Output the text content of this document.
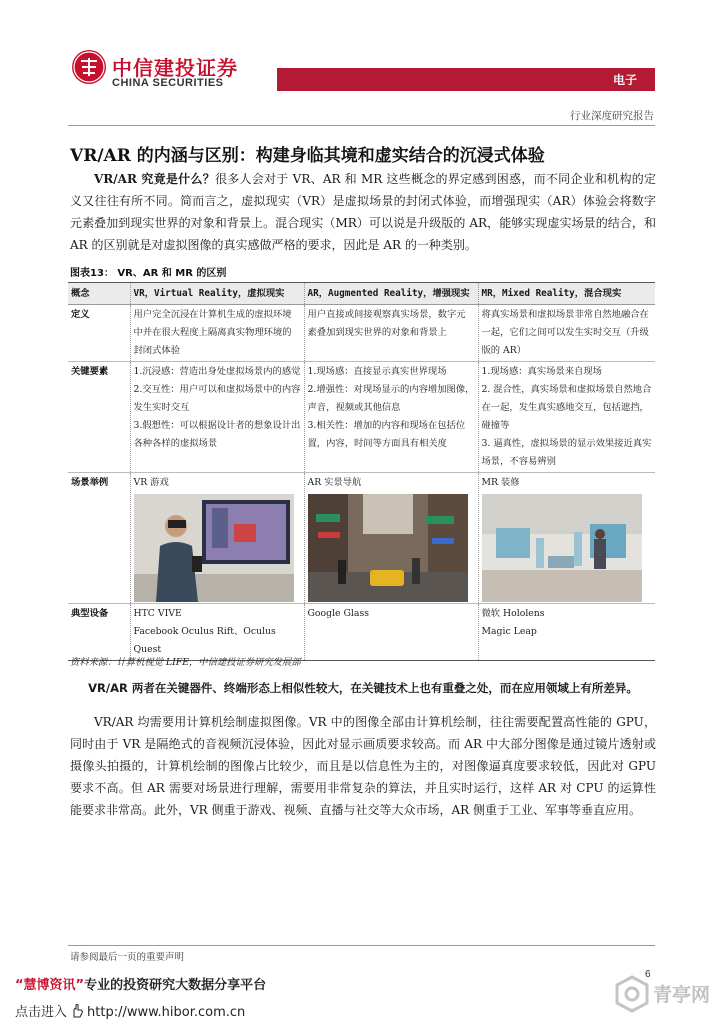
中信建投证券
CHINA SECURITIES	电子
行业深度研究报告
VR/AR 的内涵与区别：构建身临其境和虚实结合的沉浸式体验
VR/AR 究竟是什么？很多人会对于 VR、AR 和 MR 这些概念的界定感到困惑，而不同企业和机构的定义又往往有所不同。简而言之，虚拟现实（VR）是虚拟场景的封闭式体验，而增强现实（AR）体验会将数字元素叠加到现实世界的对象和背景上。混合现实（MR）可以说是升级版的 AR，能够实现虚实场景的结合，和 AR 的区别就是对虚拟图像的真实感做严格的要求，因此是 AR 的一种类别。
图表13： VR、AR 和 MR 的区别
概念	VR，Virtual Reality，虚拟现实	AR，Augmented Reality，增强现实	MR，Mixed Reality，混合现实
定义	用户完全沉浸在计算机生成的虚拟环境中并在很大程度上隔离真实物理环境的封闭式体验	用户直接或间接观察真实场景，数字元素叠加到现实世界的对象和背景上	将真实场景和虚拟场景非常自然地融合在一起，它们之间可以发生实时交互（升级版的 AR）
关键要素	1.沉浸感：营造出身处虚拟场景内的感觉
2.交互性：用户可以和虚拟场景中的内容发生实时交互
3.假想性：可以根据设计者的想象设计出各种各样的虚拟场景	1.现场感：直接显示真实世界现场
2.增强性：对现场显示的内容增加图像，声音，视频或其他信息
3.相关性：增加的内容和现场在包括位置，内容，时间等方面具有相关度	1.现场感：真实场景来自现场
2. 混合性，真实场景和虚拟场景自然地合在一起，发生真实感地交互，包括遮挡，碰撞等
3. 逼真性，虚拟场景的显示效果接近真实场景，不容易辨别

场景举例	VR 游戏	AR 实景导航	MR 装修

典型设备	HTC VIVE
Facebook Oculus Rift、Oculus Quest	Google Glass	微软 Hololens
Magic Leap
资料来源：计算机视觉 LIFE，中信建投证券研究发展部
VR/AR 两者在关键器件、终端形态上相似性较大，在关键技术上也有重叠之处，而在应用领域上有所差异。
VR/AR 均需要用计算机绘制虚拟图像。VR 中的图像全部由计算机绘制，往往需要配置高性能的 GPU，同时由于 VR 是隔绝式的音视频沉浸体验，因此对显示画质要求较高。而 AR 中大部分图像是通过镜片透射或摄像头拍摄的，计算机绘制的图像占比较少，而且是以信息性为主的，对图像逼真度要求较低，因此对 GPU 要求不高。但 AR 需要对场景进行理解，需要用非常复杂的算法，并且实时运行，这样 AR 对 CPU 的运算性能要求非常高。此外，VR 侧重于游戏、视频、直播与社交等大众市场，AR 侧重于工业、军事等垂直应用。
请参阅最后一页的重要声明
6
“慧博资讯”专业的投资研究大数据分享平台
点击进入 http://www.hibor.com.cn
青亭网
